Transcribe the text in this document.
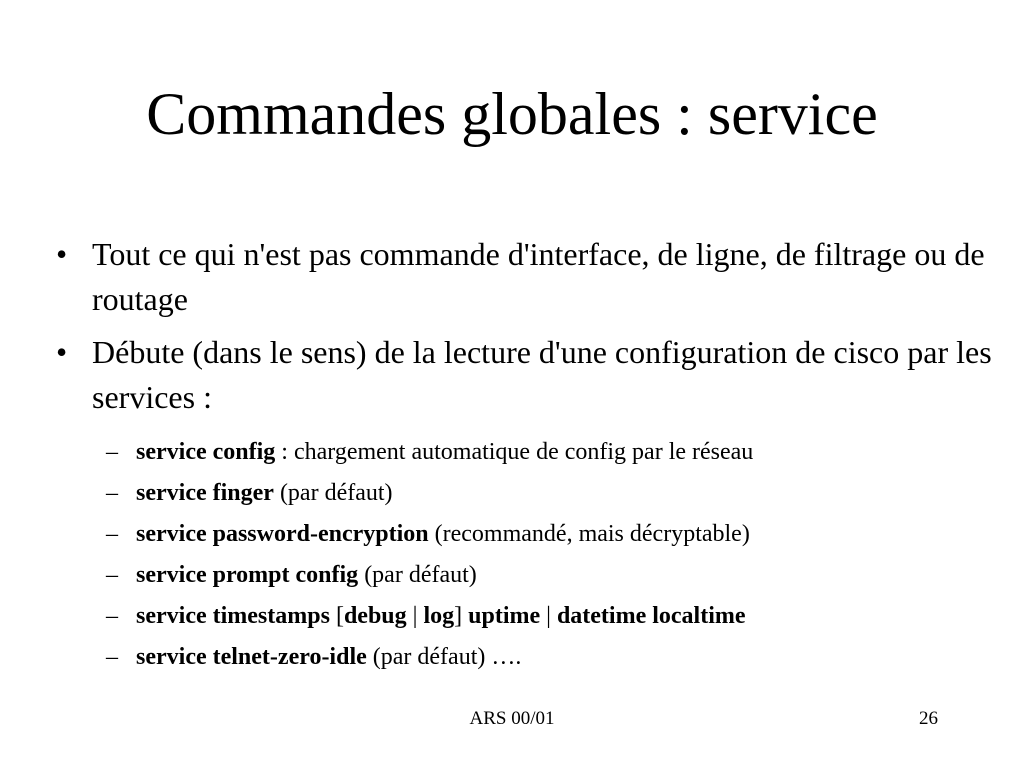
Commandes globales : service
• Tout ce qui n'est pas commande d'interface, de ligne, de filtrage ou de routage
• Débute (dans le sens) de la lecture d'une configuration de cisco par les services :
– service config : chargement automatique de config par le réseau
– service finger (par défaut)
– service password-encryption (recommandé, mais décryptable)
– service prompt config (par défaut)
– service timestamps [debug | log] uptime | datetime localtime
– service telnet-zero-idle (par défaut) ….
ARS 00/01	26
